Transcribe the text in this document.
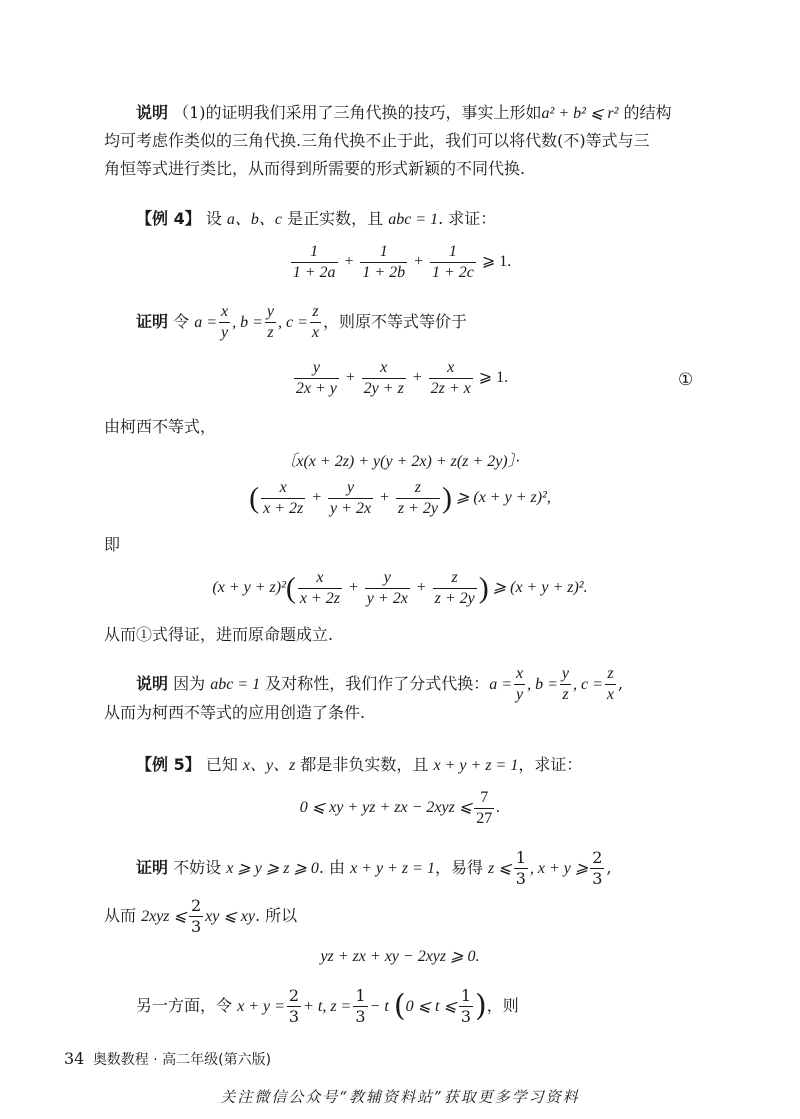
说明 （1)的证明我们采用了三角代换的技巧，事实上形如a² + b² ⩽ r² 的结构
均可考虑作类似的三角代换.三角代换不止于此，我们可以将代数(不)等式与三
角恒等式进行类比，从而得到所需要的形式新颖的不同代换.
【例 4】 设 a、b、c 是正实数，且 abc = 1. 求证：
$\frac{1}{1 + 2a} + \frac{1}{1 + 2b} + \frac{1}{1 + 2c}$ ⩾ 1.
证明 令 $a = \frac{x}{y}$ , $b = \frac{y}{z}$ , $c = \frac{z}{x}$ ，则原不等式等价于
$\frac{y}{2x + y} + \frac{x}{2y + z} + \frac{x}{2z + x}$ ⩾ 1.	①
由柯西不等式，
〔x(x + 2z) + y(y + 2x) + z(z + 2y)〕·
( $\frac{x}{x + 2z} + \frac{y}{y + 2x} + \frac{z}{z + 2y}$ ) ⩾ (x + y + z)²,
即
$(x + y + z)^2( \frac{x}{x + 2z} + \frac{y}{y + 2x} + \frac{z}{z + 2y}$ ) ⩾ (x + y + z)².
从而①式得证，进而原命题成立.
说明 因为 abc = 1 及对称性，我们作了分式代换：$a = \frac{x}{y}$ , $b = \frac{y}{z}$ , $c = \frac{z}{x}$ ,
从而为柯西不等式的应用创造了条件.
【例 5】 已知 x、y、z 都是非负实数，且 x + y + z = 1，求证：
0 ⩽ xy + yz + zx − 2xyz ⩽ $\frac{7}{27}$ .
证明 不妨设 x ⩾ y ⩾ z ⩾ 0. 由 x + y + z = 1，易得 z ⩽ $\frac{1}{3}$ , x + y ⩾ $\frac{2}{3}$ ,
从而 2xyz ⩽ $\frac{2}{3}$ xy ⩽ xy. 所以
yz + zx + xy − 2xyz ⩾ 0.
另一方面，令 $x + y = \frac{2}{3} + t$, $z = \frac{1}{3} - t$ (0 ⩽ t ⩽ $\frac{1}{3}$ )，则
34 奥数教程 · 高二年级(第六版)
关注微信公众号“教辅资料站”获取更多学习资料
